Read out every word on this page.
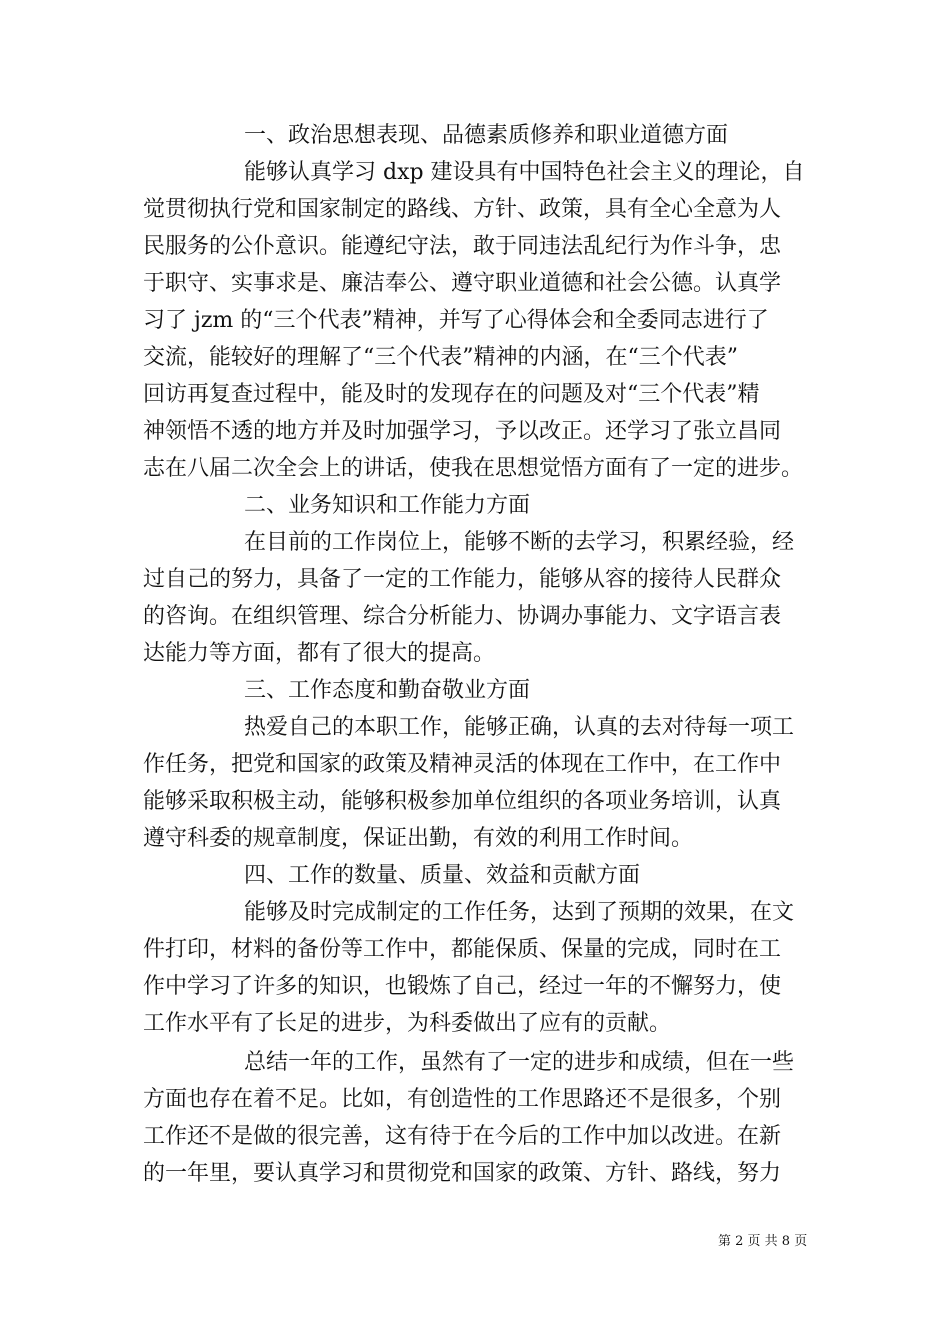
一、政治思想表现、品德素质修养和职业道德方面
能够认真学习 dxp 建设具有中国特色社会主义的理论，自
觉贯彻执行党和国家制定的路线、方针、政策，具有全心全意为人
民服务的公仆意识。能遵纪守法，敢于同违法乱纪行为作斗争，忠
于职守、实事求是、廉洁奉公、遵守职业道德和社会公德。认真学
习了 jzm 的“三个代表”精神，并写了心得体会和全委同志进行了
交流，能较好的理解了“三个代表”精神的内涵，在“三个代表”
回访再复查过程中，能及时的发现存在的问题及对“三个代表”精
神领悟不透的地方并及时加强学习，予以改正。还学习了张立昌同
志在八届二次全会上的讲话，使我在思想觉悟方面有了一定的进步。
二、业务知识和工作能力方面
在目前的工作岗位上，能够不断的去学习，积累经验，经
过自己的努力，具备了一定的工作能力，能够从容的接待人民群众
的咨询。在组织管理、综合分析能力、协调办事能力、文字语言表
达能力等方面，都有了很大的提高。
三、工作态度和勤奋敬业方面
热爱自己的本职工作，能够正确，认真的去对待每一项工
作任务，把党和国家的政策及精神灵活的体现在工作中，在工作中
能够采取积极主动，能够积极参加单位组织的各项业务培训，认真
遵守科委的规章制度，保证出勤，有效的利用工作时间。
四、工作的数量、质量、效益和贡献方面
能够及时完成制定的工作任务，达到了预期的效果，在文
件打印，材料的备份等工作中，都能保质、保量的完成，同时在工
作中学习了许多的知识，也锻炼了自己，经过一年的不懈努力，使
工作水平有了长足的进步，为科委做出了应有的贡献。
总结一年的工作，虽然有了一定的进步和成绩，但在一些
方面也存在着不足。比如，有创造性的工作思路还不是很多，个别
工作还不是做的很完善，这有待于在今后的工作中加以改进。在新
的一年里，要认真学习和贯彻党和国家的政策、方针、路线，努力
第 2 页 共 8 页
